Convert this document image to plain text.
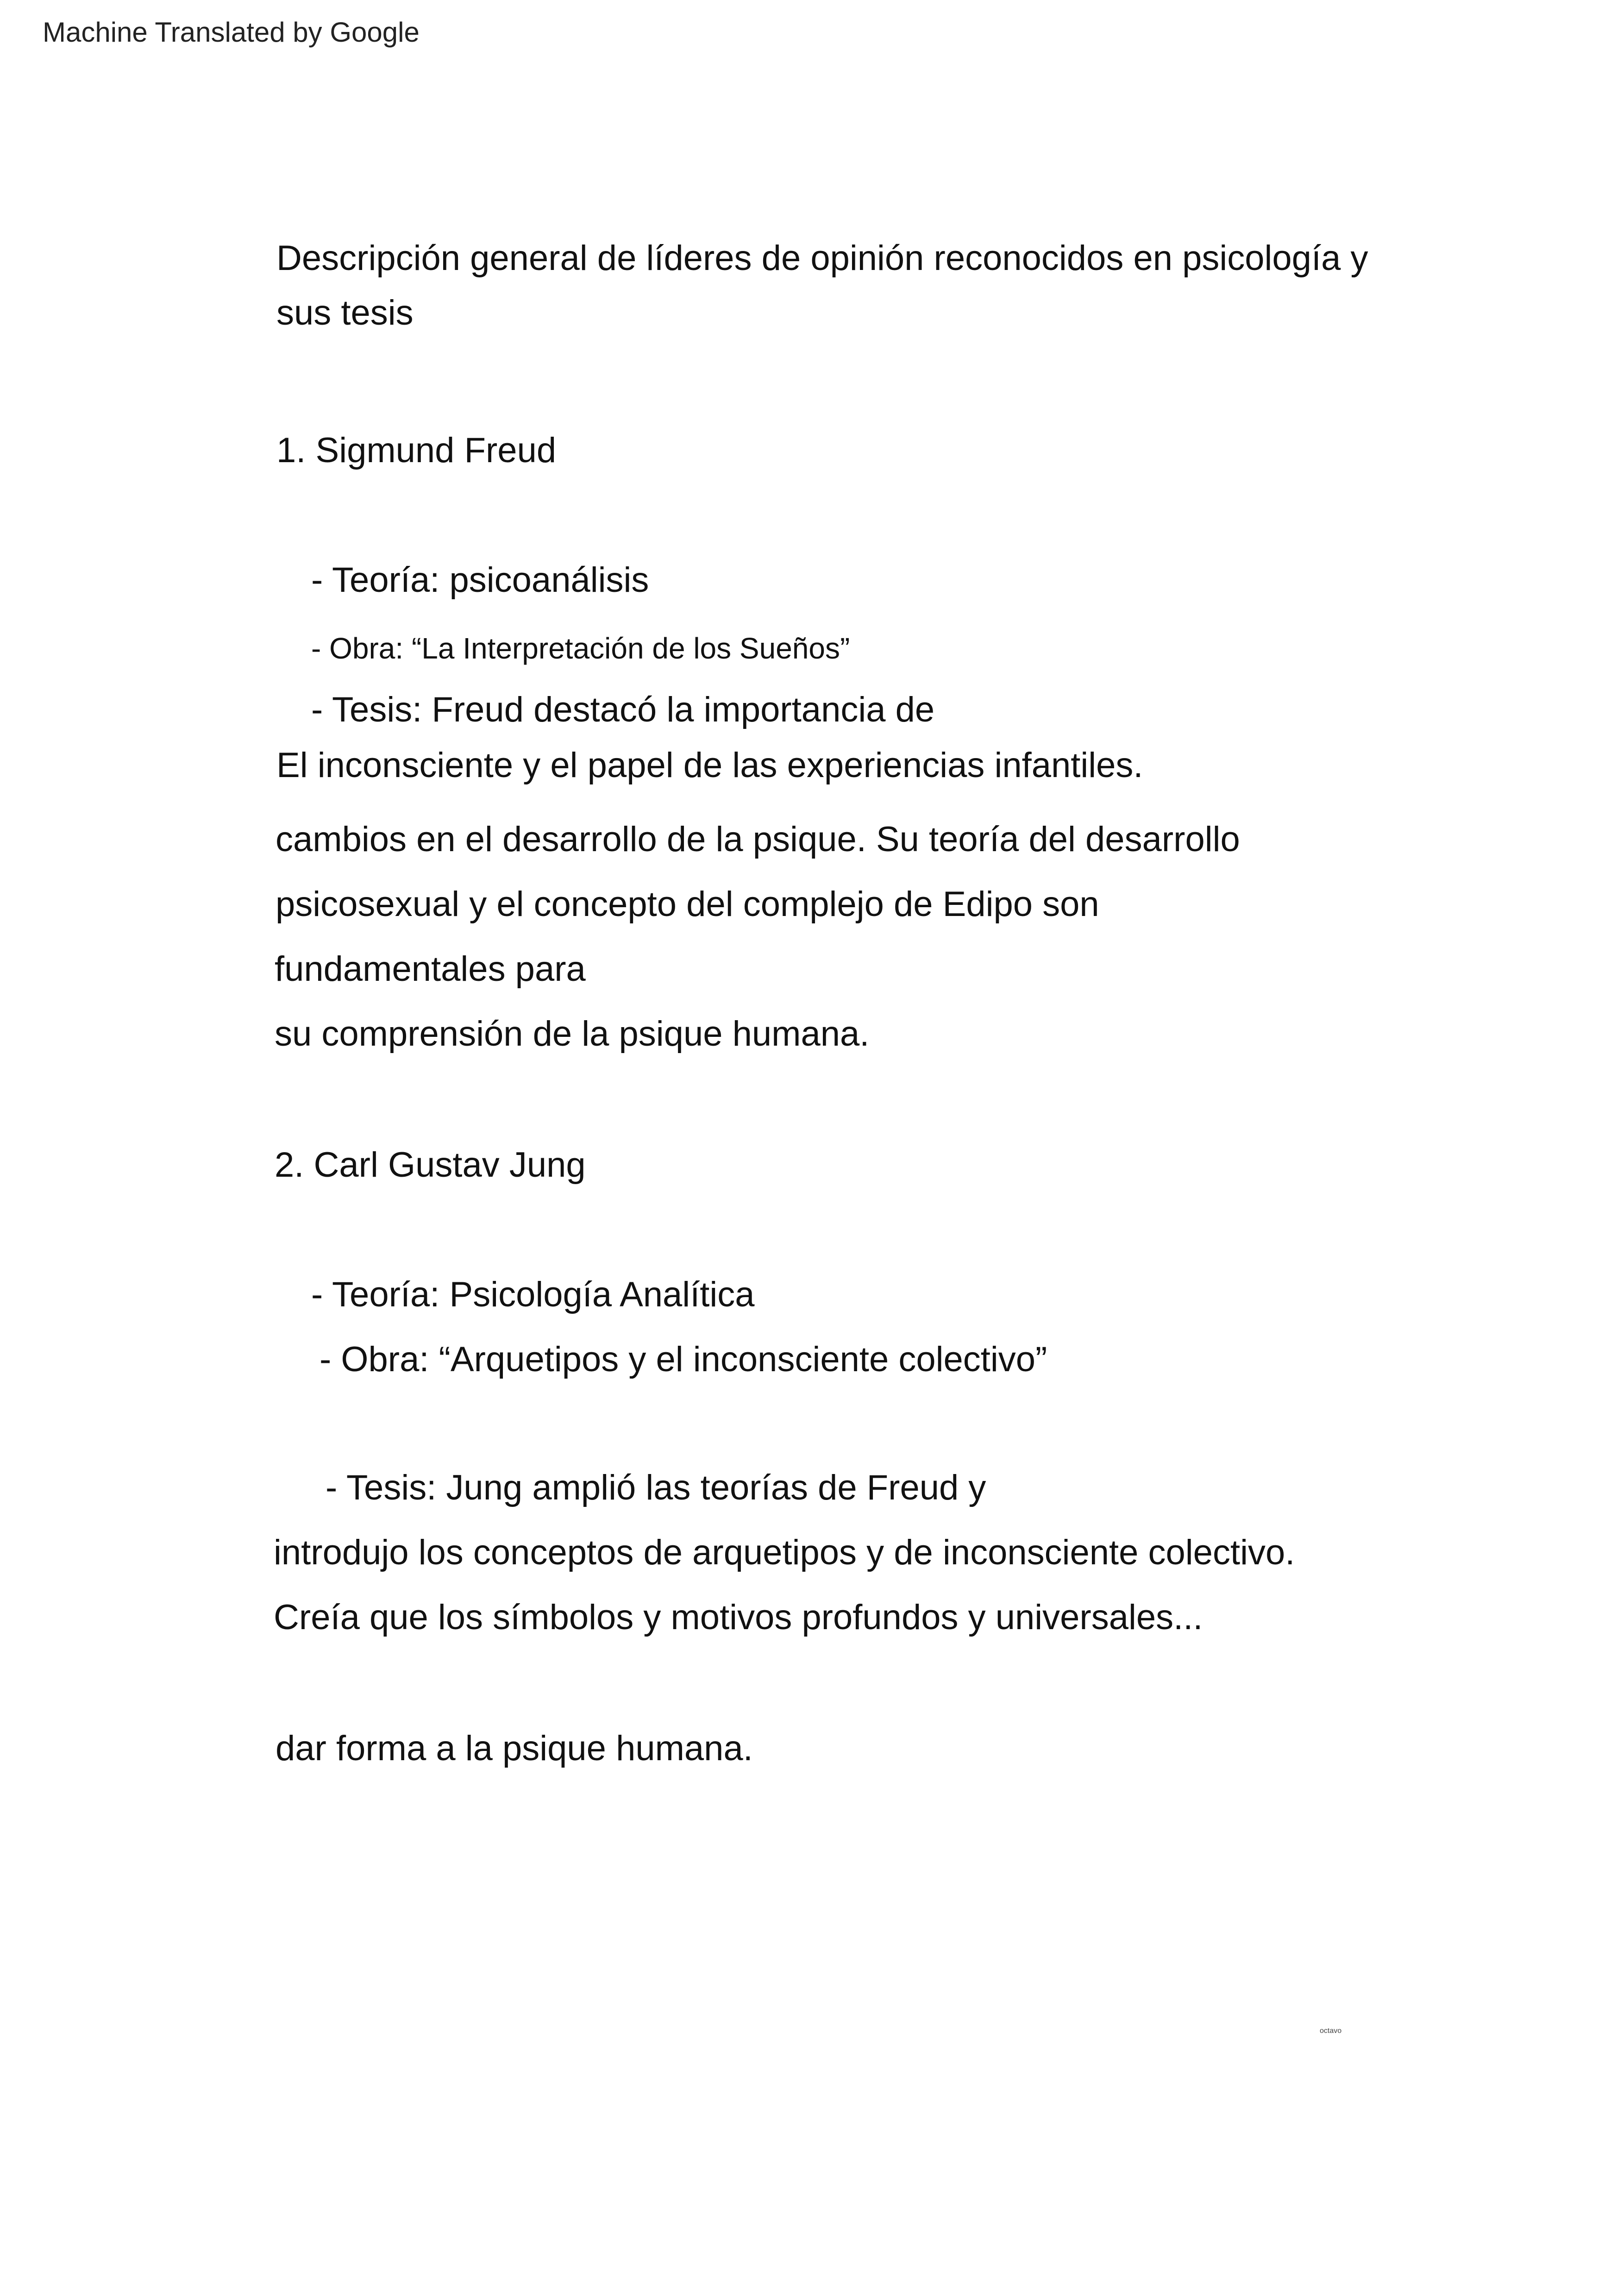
Machine Translated by Google
Descripción general de líderes de opinión reconocidos en psicología y
sus tesis
1. Sigmund Freud
- Teoría: psicoanálisis
- Obra: “La Interpretación de los Sueños”
- Tesis: Freud destacó la importancia de
El inconsciente y el papel de las experiencias infantiles.
cambios en el desarrollo de la psique. Su teoría del desarrollo
psicosexual y el concepto del complejo de Edipo son
fundamentales para
su comprensión de la psique humana.
2. Carl Gustav Jung
- Teoría: Psicología Analítica
- Obra: “Arquetipos y el inconsciente colectivo”
- Tesis: Jung amplió las teorías de Freud y
introdujo los conceptos de arquetipos y de inconsciente colectivo.
Creía que los símbolos y motivos profundos y universales...
dar forma a la psique humana.
octavo
